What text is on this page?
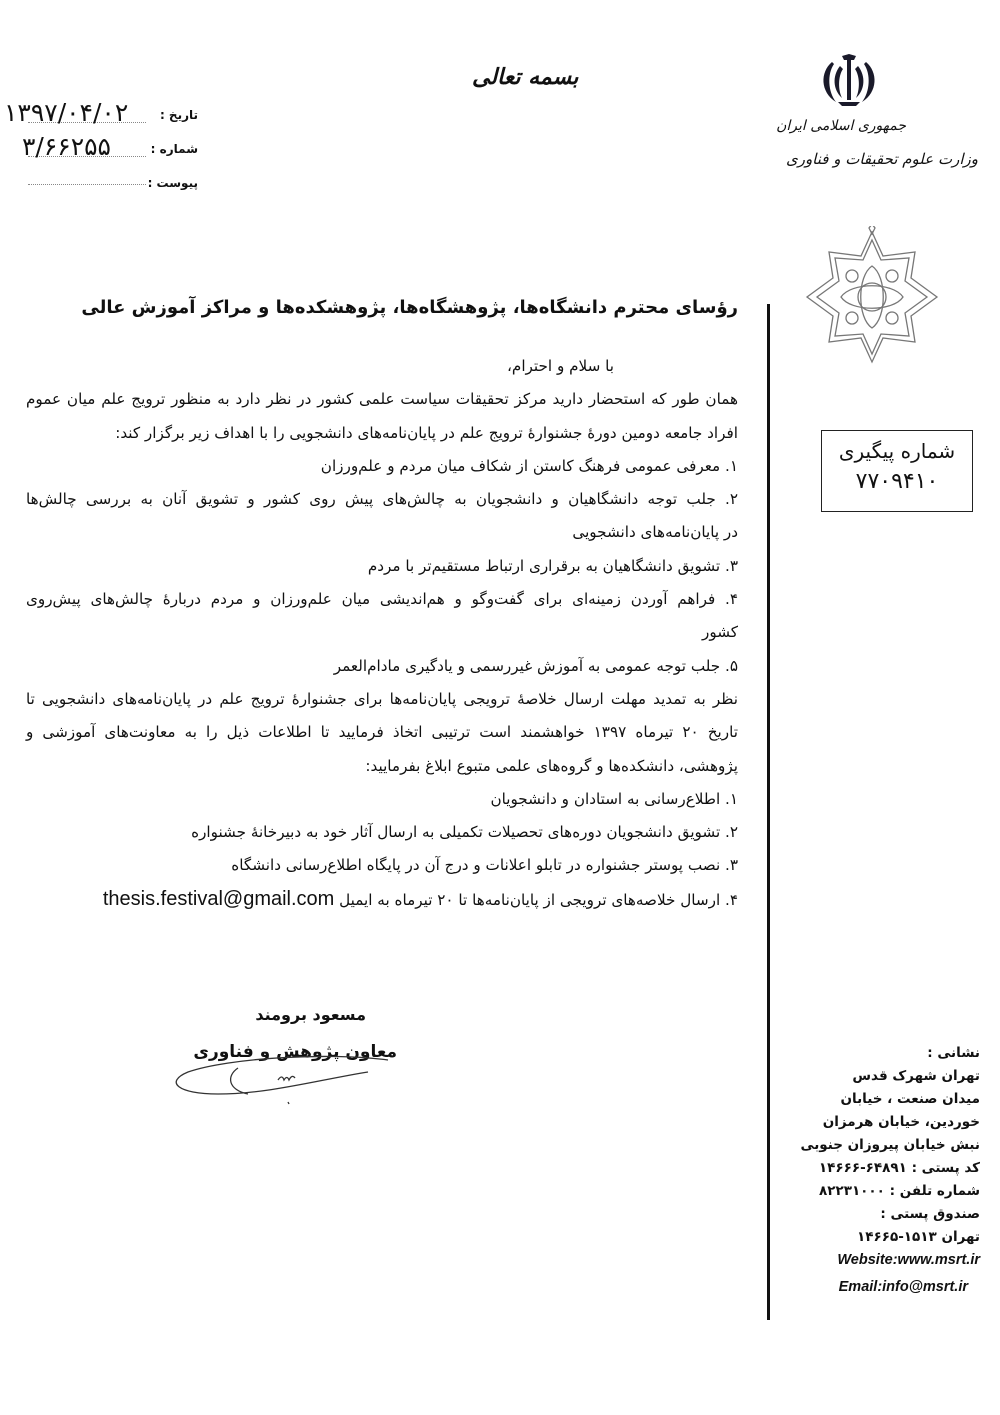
بسمه تعالی
جمهوری اسلامی ایران
وزارت علوم تحقیقات و فناوری
تاریخ :
۱۳۹۷/۰۴/۰۲
شماره :
۳/۶۶۲۵۵
پیوست :
شماره پیگیری
۷۷۰۹۴۱۰
رؤسای محترم دانشگاه‌ها، پژوهشگاه‌ها، پژوهشکده‌ها و مراکز آموزش عالی
با سلام و احترام،
همان طور که استحضار دارید مرکز تحقیقات سیاست علمی کشور در نظر دارد به منظور ترویج علم میان عموم
افراد جامعه دومین دورهٔ جشنوارهٔ ترویج علم در پایان‌نامه‌های دانشجویی را با اهداف زیر برگزار کند:
۱. معرفی عمومی فرهنگ کاستن از شکاف میان مردم و علم‌ورزان
۲. جلب توجه دانشگاهیان و دانشجویان به چالش‌های پیش روی کشور و تشویق آنان به بررسی چالش‌ها
در پایان‌نامه‌های دانشجویی
۳. تشویق دانشگاهیان به برقراری ارتباط مستقیم‌تر با مردم
۴. فراهم آوردن زمینه‌ای برای گفت‌وگو و هم‌اندیشی میان علم‌ورزان و مردم دربارهٔ چالش‌های پیش‌روی
کشور
۵. جلب توجه عمومی به آموزش غیررسمی و یادگیری مادام‌العمر
نظر به تمدید مهلت ارسال خلاصهٔ ترویجی پایان‌نامه‌ها برای جشنوارهٔ ترویج علم در پایان‌نامه‌های دانشجویی تا
تاریخ ۲۰ تیرماه ۱۳۹۷ خواهشمند است ترتیبی اتخاذ فرمایید تا اطلاعات ذیل را به معاونت‌های آموزشی و
پژوهشی، دانشکده‌ها و گروه‌های علمی متبوع ابلاغ بفرمایید:
۱. اطلاع‌رسانی به استادان و دانشجویان
۲. تشویق دانشجویان دوره‌های تحصیلات تکمیلی به ارسال آثار خود به دبیرخانهٔ جشنواره
۳. نصب پوستر جشنواره در تابلو اعلانات و درج آن در پایگاه اطلاع‌رسانی دانشگاه
۴. ارسال خلاصه‌های ترویجی از پایان‌نامه‌ها تا ۲۰ تیرماه به ایمیل thesis.festival@gmail.com
مسعود برومند
معاون پژوهش و فناوری	نشانی :
تهران شهرک قدس
میدان صنعت ، خیابان
خوردین، خیابان هرمزان
نبش خیابان پیروزان جنوبی
کد پستی : ۶۴۸۹۱-۱۴۶۶۶
شماره تلفن : ۸۲۲۳۱۰۰۰
صندوق پستی :
تهران ۱۵۱۳-۱۴۶۶۵
Website:www.msrt.ir
Email:info@msrt.ir
